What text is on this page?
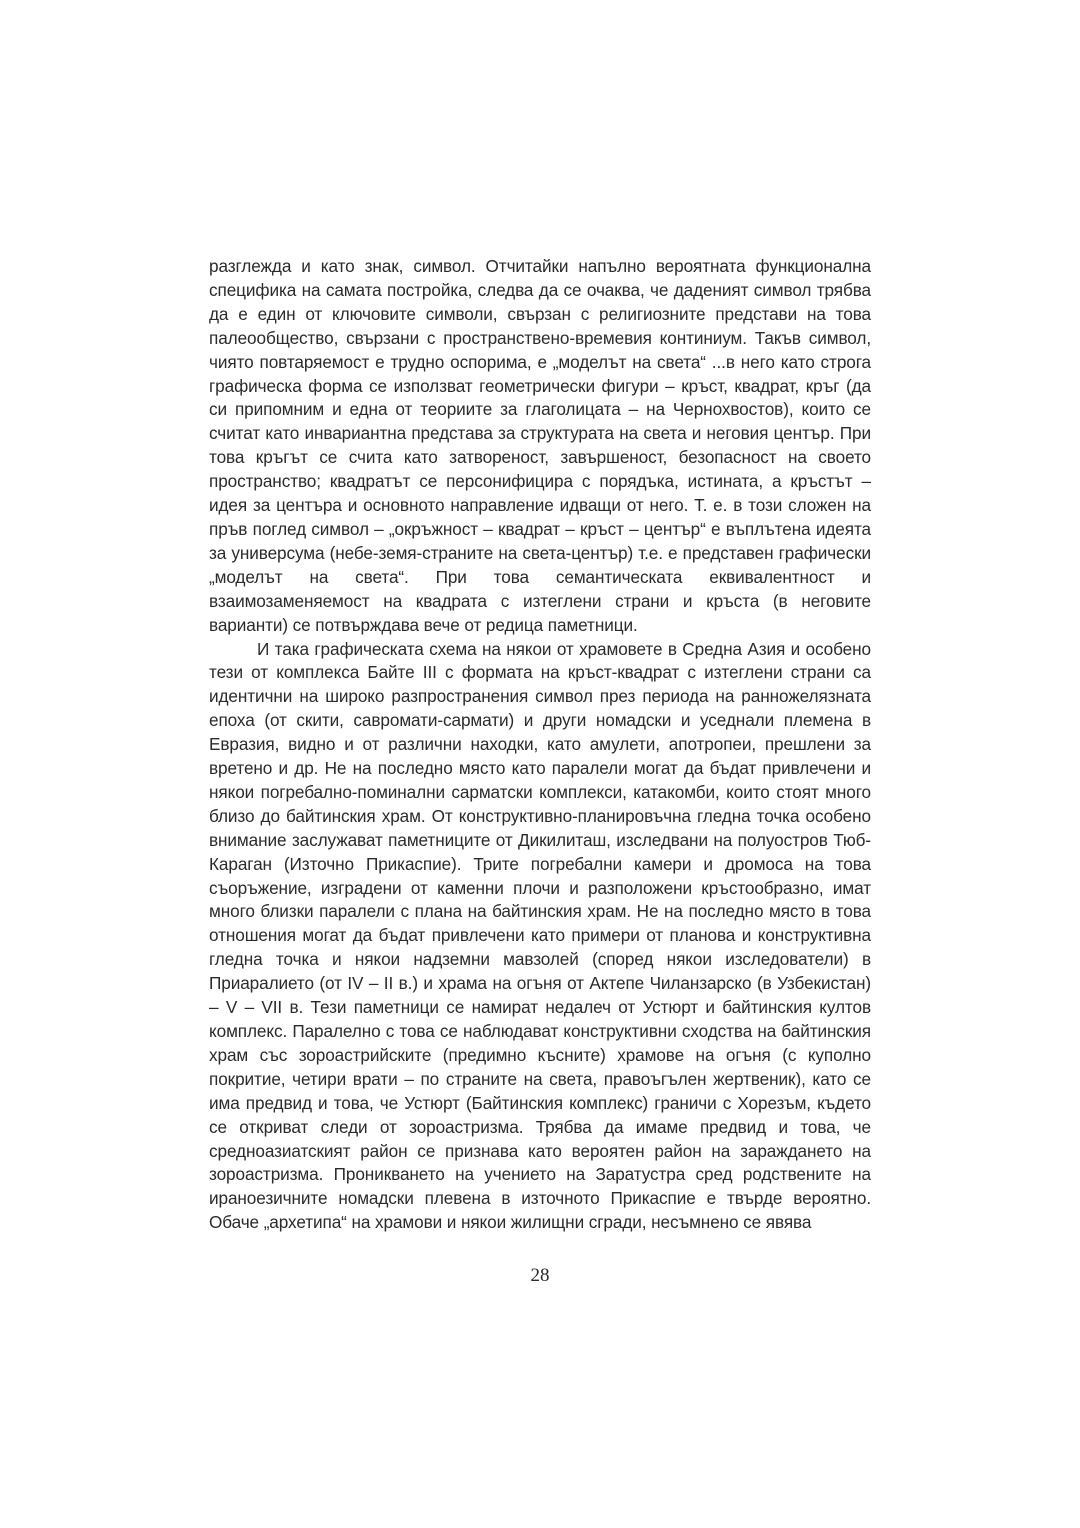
разглежда и като знак, символ. Отчитайки напълно вероятната функционална специфика на самата постройка, следва да се очаква, че дадeният символ трябва да е един от ключовите символи, свързан с религиозните представи на това палеообщество, свързани с пространствено-времевия континиум. Такъв символ, чиято повтаряемост е трудно оспорима, е „моделът на света“ ...в него като строга графическа форма се използват геометрически фигури – кръст, квадрат, кръг (да си припомним и една от теориите за глаголицата – на Чернохвостов), които се считат като инвариантна представа за структурата на света и неговия център. При това кръгът се счита като затвореност, завършеност, безопасност на своето пространство; квадратът се персонифицира с порядъка, истината, а кръстът – идея за центъра и основното направление идващи от него. Т. е. в този сложен на пръв поглед символ – „окръжност – квадрат – кръст – център“ е въплътена идеята за универсума (небе-земя-страните на света-център) т.е. е представен графически „моделът на света“. При това семантическата еквивалентност и взаимозаменяемост на квадрата с изтеглени страни и кръста (в неговите варианти) се потвърждава вече от редица паметници.

И така графическата схема на някои от храмовете в Средна Азия и особено тези от комплекса Байте III с формата на кръст-квадрат с изтеглени страни са идентични на широко разпространения символ през периода на ранножелязната епоха (от скити, савромати-сармати) и други номадски и уседнали племена в Евразия, видно и от различни находки, като амулети, апотропеи, прешлени за вретено и др. Не на последно място като паралели могат да бъдат привлечени и някои погребално-поминални сарматски комплекси, катакомби, които стоят много близо до байтинския храм. От конструктивно-планировъчна гледна точка особено внимание заслужават паметниците от Дикилиташ, изследвани на полуостров Тюб-Караган (Източно Прикаспие). Трите погребални камери и дромоса на това съоръжение, изградени от каменни плочи и разположени кръстообразно, имат много близки паралели с плана на байтинския храм. Не на последно място в това отношения могат да бъдат привлечени като примери от планова и конструктивна гледна точка и някои надземни мавзолей (според някои изследователи) в Приаралието (от IV – II в.) и храма на огъня от Актепе Чиланзарско (в Узбекистан) – V – VII в. Тези паметници се намират недалеч от Устюрт и байтинския култов комплекс. Паралелно с това се наблюдават конструктивни сходства на байтинския храм със зороастрийските (предимно късните) храмове на огъня (с куполно покритие, четири врати – по страните на света, правоъгълен жертвеник), като се има предвид и това, че Устюрт (Байтинския комплекс) граничи с Хорезъм, където се откриват следи от зороастризма. Трябва да имаме предвид и това, че средноазиатският район се признава като вероятен район на зараждането на зороастризма. Проникването на учението на Заратустра сред родствените на ираноезичните номадски плевена в източното Прикаспие е твърде вероятно. Обаче „архетипа“ на храмови и някои жилищни сгради, несъмнено се явява

28
